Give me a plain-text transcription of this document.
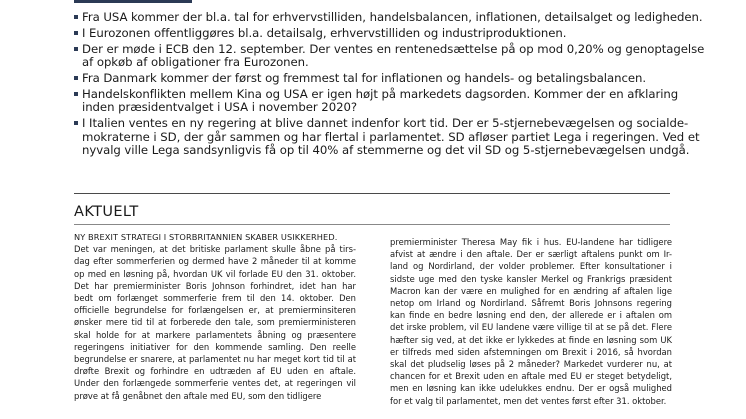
Fra USA kommer der bl.a. tal for erhvervstilliden, handelsbalancen, inflationen, detailsalget og ledigheden.
I Eurozonen offentliggøres bl.a. detailsalg, erhvervstilliden og industriproduktionen.
Der er møde i ECB den 12. september. Der ventes en rentenedsættelse på op mod 0,20% og genoptagelse af opkøb af obligationer fra Eurozonen.
Fra Danmark kommer der først og fremmest tal for inflationen og handels- og betalingsbalancen.
Handelskonflikten mellem Kina og USA er igen højt på markedets dagsorden. Kommer der en afklaring inden præsidentvalget i USA i november 2020?
I Italien ventes en ny regering at blive dannet indenfor kort tid. Der er 5-stjernebevægelsen og socialde-mokraterne i SD, der går sammen og har flertal i parlamentet. SD afløser partiet Lega i regeringen. Ved et nyvalg ville Lega sandsynligvis få op til 40% af stemmerne og det vil SD og 5-stjernebevægelsen undgå.
AKTUELT

NY BREXIT STRATEGI I STORBRITANNIEN SKABER USIKKERHED.

Det var meningen, at det britiske parlament skulle åbne på tirs-dag efter sommerferien og dermed have 2 måneder til at komme op med en løsning på, hvordan UK vil forlade EU den 31. oktober. Det har premierminister Boris Johnson forhindret, idet han har bedt om forlænget sommerferie frem til den 14. oktober. Den officielle begrundelse for forlængelsen er, at premierminsiteren ønsker mere tid til at forberede den tale, som premierministeren skal holde for at markere parlamentets åbning og præsentere regeringens initiativer for den kommende samling. Den reelle begrundelse er snarere, at parlamentet nu har meget kort tid til at drøfte Brexit og forhindre en udtræden af EU uden en aftale. Under den forlængede sommerferie ventes det, at regeringen vil prøve at få genåbnet den aftale med EU, som den tidligere

premierminister Theresa May fik i hus. EU-landene har tidligere afvist at ændre i den aftale. Der er særligt aftalens punkt om Ir-land og Nordirland, der volder problemer. Efter konsultationer i sidste uge med den tyske kansler Merkel og Frankrigs præsident Macron kan der være en mulighed for en ændring af aftalen lige netop om Irland og Nordirland. Såfremt Boris Johnsons regering kan finde en bedre løsning end den, der allerede er i aftalen om det irske problem, vil EU landene være villige til at se på det. Flere hæfter sig ved, at det ikke er lykkedes at finde en løsning som UK er tilfreds med siden afstemningen om Brexit i 2016, så hvordan skal det pludselig løses på 2 måneder? Markedet vurderer nu, at chancen for et Brexit uden en aftale med EU er steget betydeligt, men en løsning kan ikke udelukkes endnu. Der er også mulighed for et valg til parlamentet, men det ventes først efter 31. oktober.
